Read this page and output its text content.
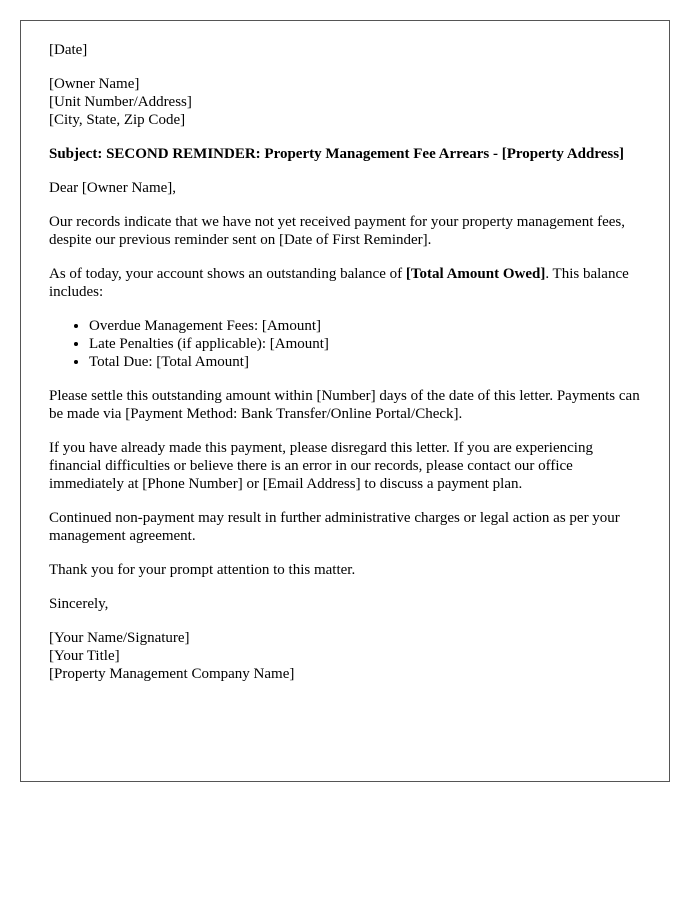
[Date]

[Owner Name]
[Unit Number/Address]
[City, State, Zip Code]

Subject: SECOND REMINDER: Property Management Fee Arrears - [Property Address]

Dear [Owner Name],

Our records indicate that we have not yet received payment for your property management fees, despite our previous reminder sent on [Date of First Reminder].

As of today, your account shows an outstanding balance of [Total Amount Owed]. This balance includes:

• Overdue Management Fees: [Amount]
• Late Penalties (if applicable): [Amount]
• Total Due: [Total Amount]

Please settle this outstanding amount within [Number] days of the date of this letter. Payments can be made via [Payment Method: Bank Transfer/Online Portal/Check].

If you have already made this payment, please disregard this letter. If you are experiencing financial difficulties or believe there is an error in our records, please contact our office immediately at [Phone Number] or [Email Address] to discuss a payment plan.

Continued non-payment may result in further administrative charges or legal action as per your management agreement.

Thank you for your prompt attention to this matter.

Sincerely,

[Your Name/Signature]
[Your Title]
[Property Management Company Name]
